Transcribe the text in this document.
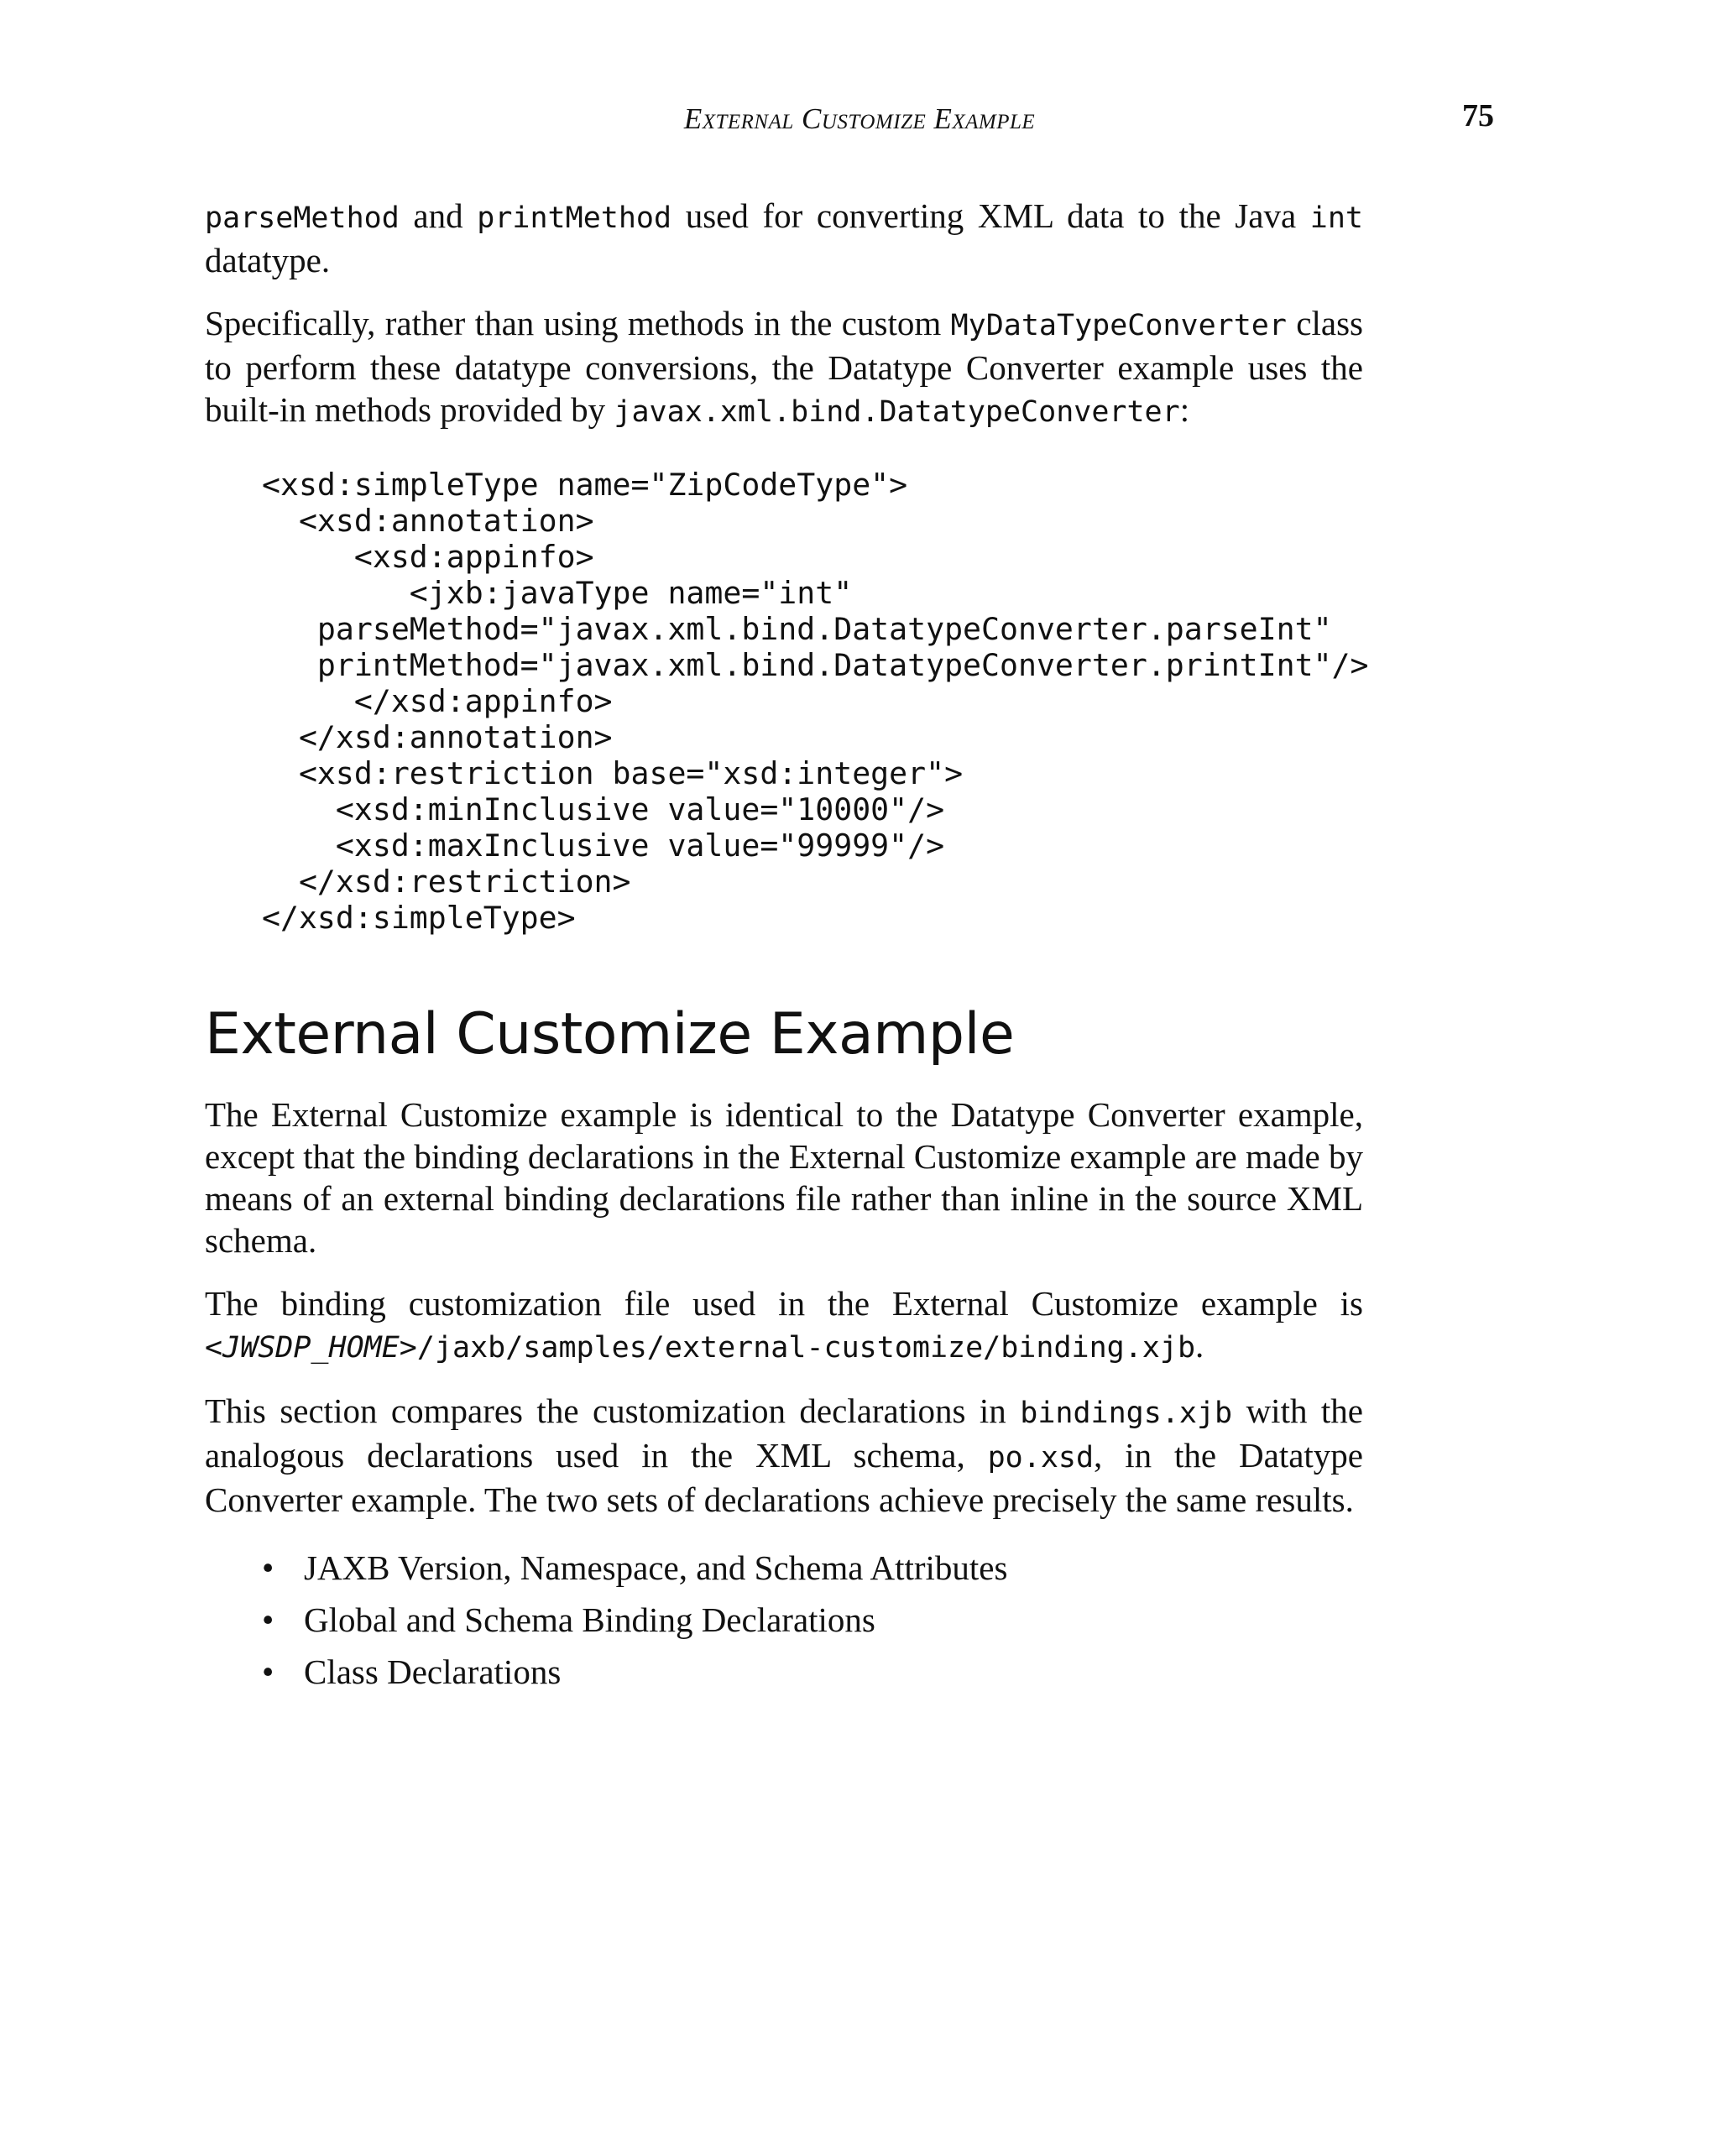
External Customize Example	75

parseMethod and printMethod used for converting XML data to the Java int datatype.

Specifically, rather than using methods in the custom MyDataTypeConverter class to perform these datatype conversions, the Datatype Converter example uses the built-in methods provided by javax.xml.bind.DatatypeConverter:

<xsd:simpleType name="ZipCodeType">
<xsd:annotation>
<xsd:appinfo>
<jxb:javaType name="int"
parseMethod="javax.xml.bind.DatatypeConverter.parseInt"
printMethod="javax.xml.bind.DatatypeConverter.printInt"/>
</xsd:appinfo>
</xsd:annotation>
<xsd:restriction base="xsd:integer">
<xsd:minInclusive value="10000"/>
<xsd:maxInclusive value="99999"/>
</xsd:restriction>
</xsd:simpleType>
External Customize Example

The External Customize example is identical to the Datatype Converter example, except that the binding declarations in the External Customize example are made by means of an external binding declarations file rather than inline in the source XML schema.

The binding customization file used in the External Customize example is <JWSDP_HOME>/jaxb/samples/external-customize/binding.xjb.

This section compares the customization declarations in bindings.xjb with the analogous declarations used in the XML schema, po.xsd, in the Datatype Converter example. The two sets of declarations achieve precisely the same results.

• JAXB Version, Namespace, and Schema Attributes
• Global and Schema Binding Declarations
• Class Declarations
